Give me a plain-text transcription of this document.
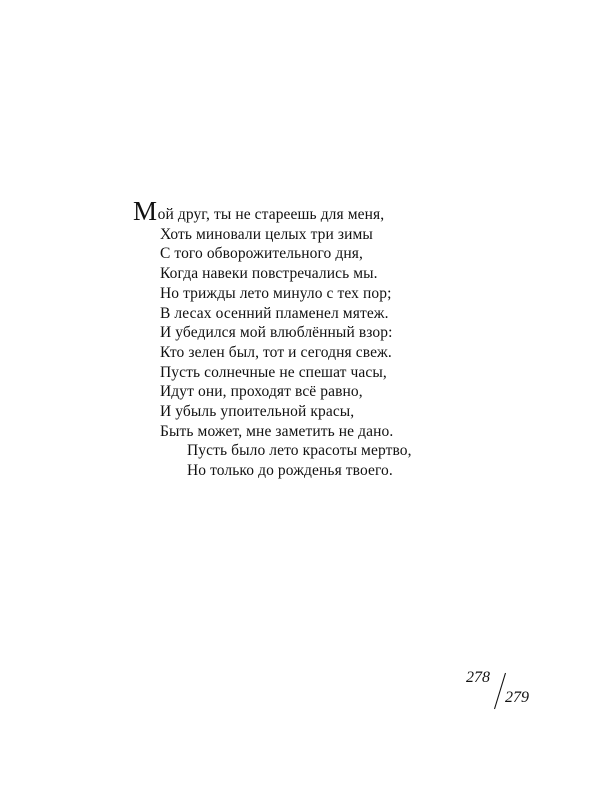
Мой друг, ты не стареешь для меня,
Хоть миновали целых три зимы
С того обворожительного дня,
Когда навеки повстречались мы.
Но трижды лето минуло с тех пор;
В лесах осенний пламенел мятеж.
И убедился мой влюблённый взор:
Кто зелен был, тот и сегодня свеж.
Пусть солнечные не спешат часы,
Идут они, проходят всё равно,
И убыль упоительной красы,
Быть может, мне заметить не дано.
Пусть было лето красоты мертво,
Но только до рожденья твоего.
278
279
